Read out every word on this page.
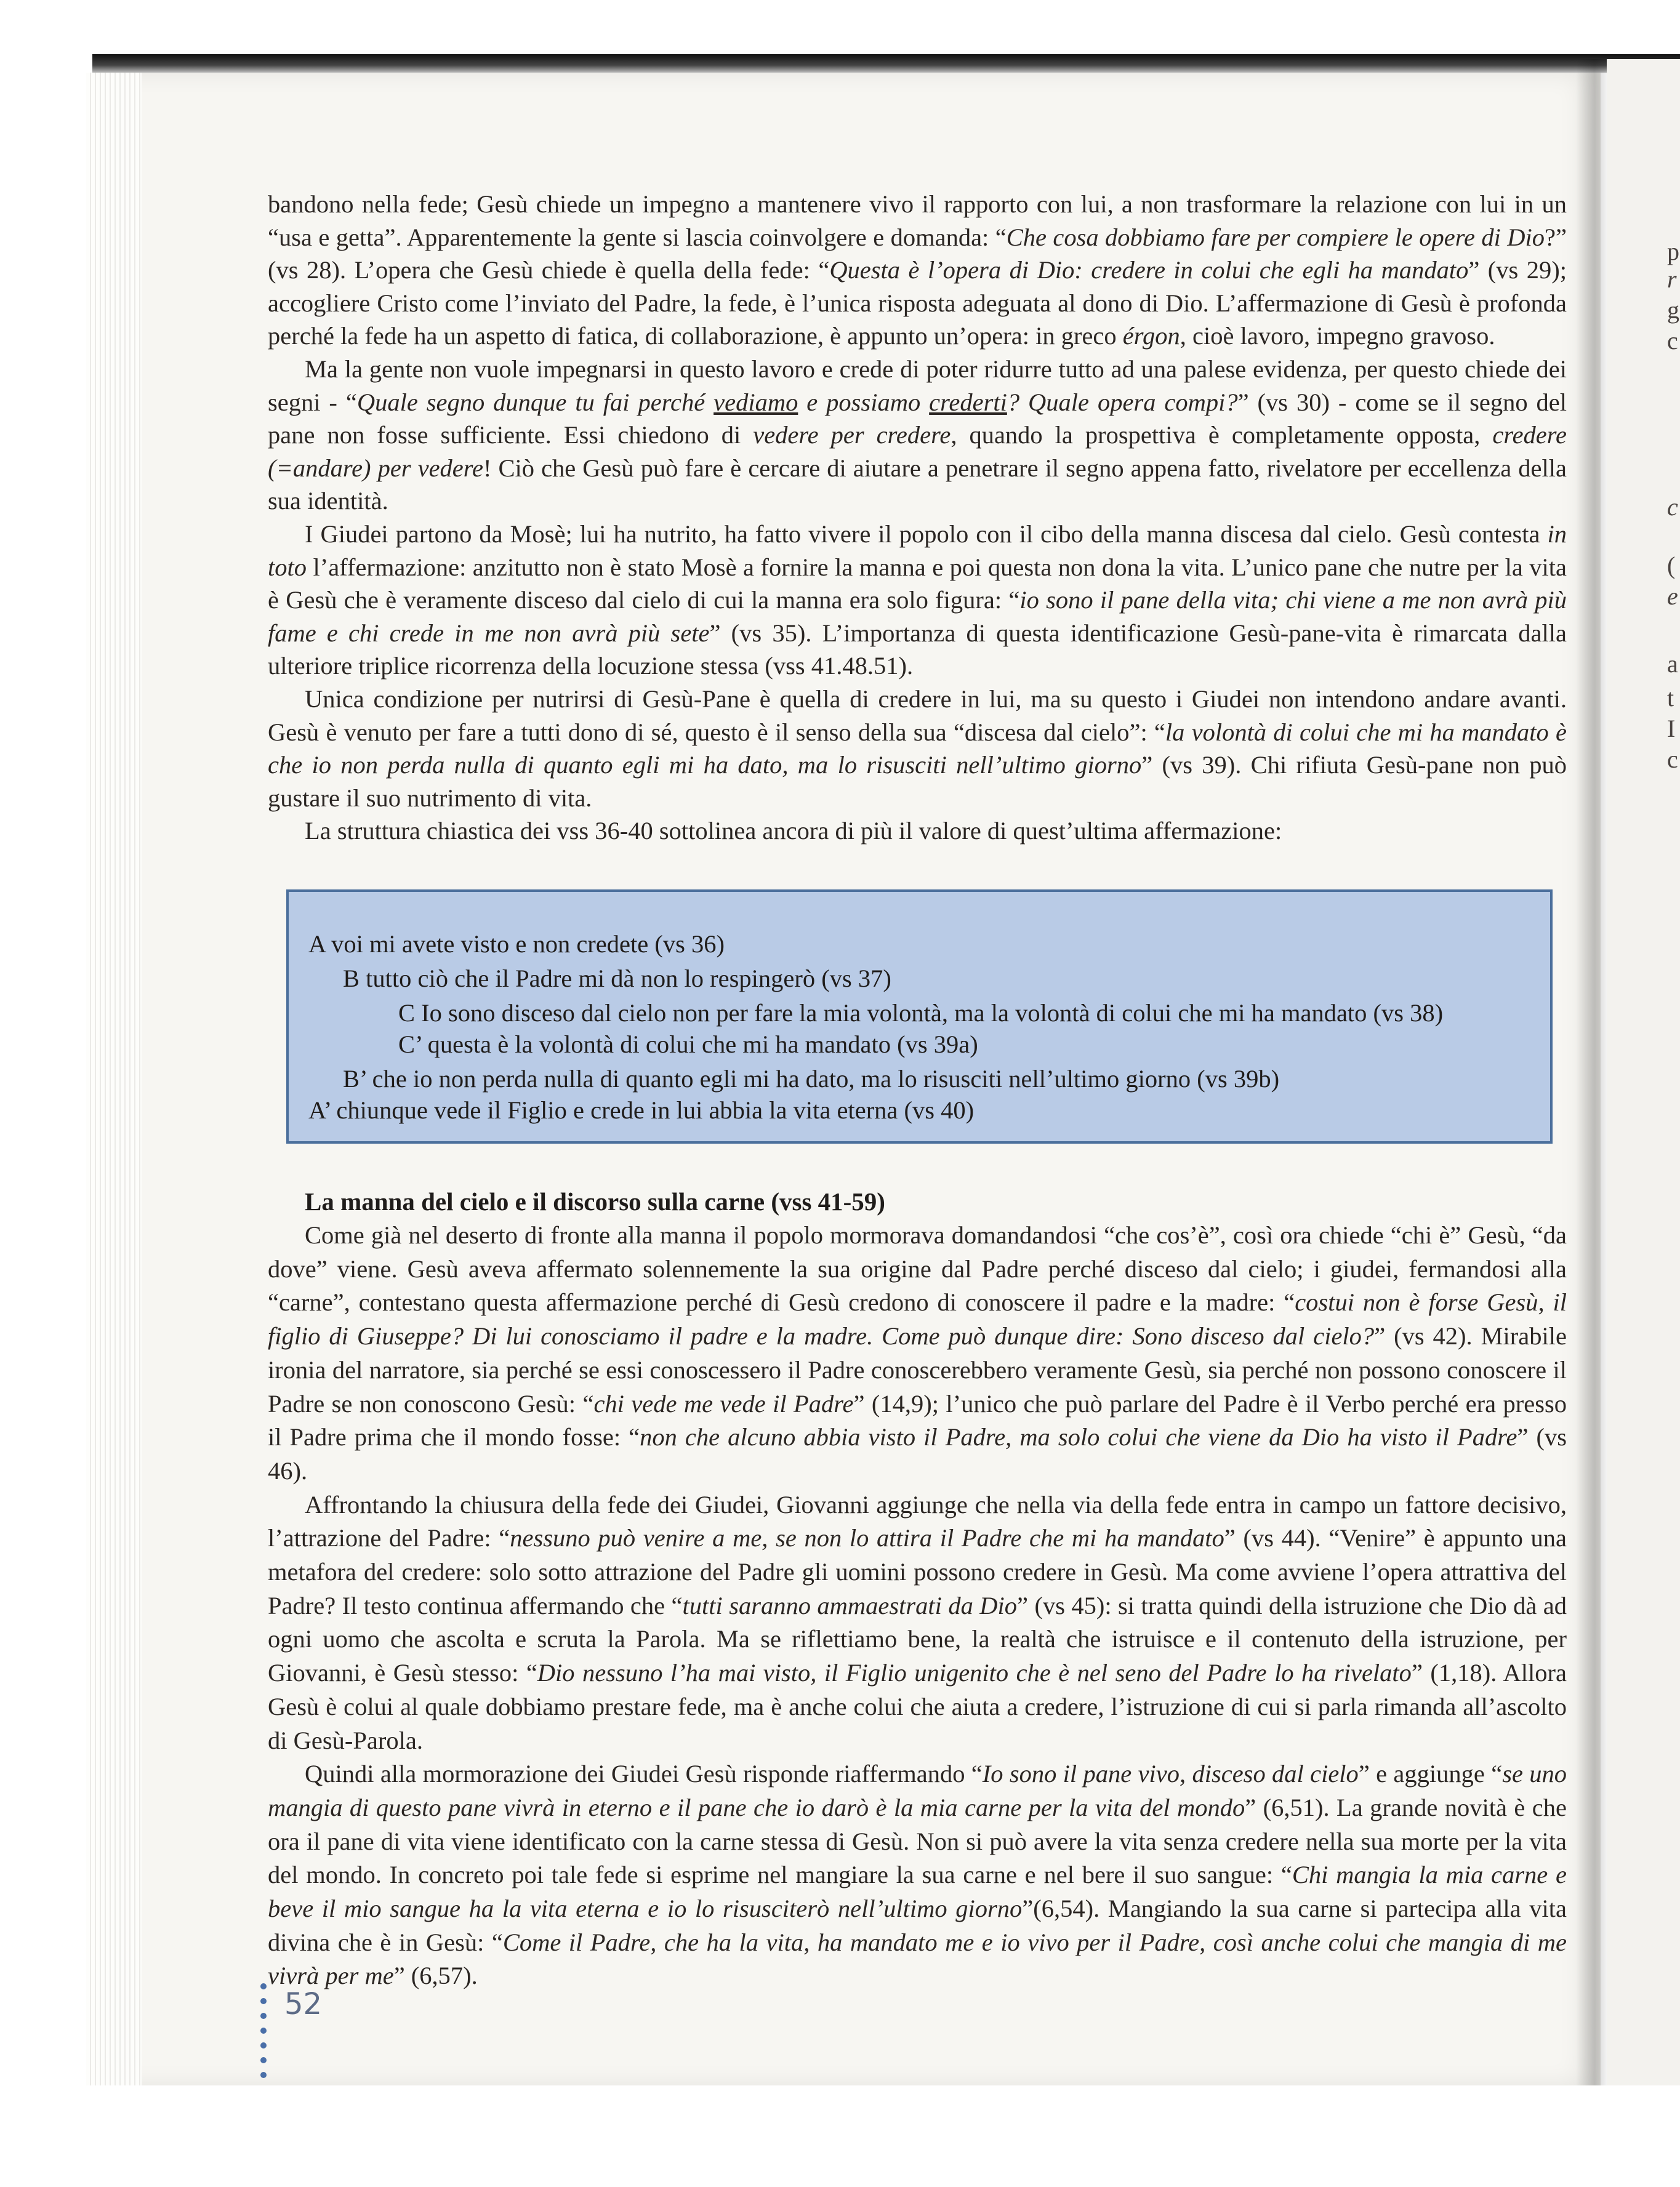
p
r
g
c
c
(
e
a
t
I
c

bandono nella fede; Gesù chiede un impegno a mantenere vivo il rapporto con lui, a non trasformare la relazione con lui in un “usa e getta”. Apparentemente la gente si lascia coinvolgere e domanda: “Che cosa dobbiamo fare per compiere le opere di Dio?” (vs 28). L’opera che Gesù chiede è quella della fede: “Questa è l’opera di Dio: credere in colui che egli ha mandato” (vs 29); accogliere Cristo come l’inviato del Padre, la fede, è l’unica risposta adeguata al dono di Dio. L’affermazione di Gesù è profonda perché la fede ha un aspetto di fatica, di collaborazione, è appunto un’opera: in greco érgon, cioè lavoro, impegno gravoso.

Ma la gente non vuole impegnarsi in questo lavoro e crede di poter ridurre tutto ad una palese evidenza, per questo chiede dei segni - “Quale segno dunque tu fai perché vediamo e possiamo crederti? Quale opera compi?” (vs 30) - come se il segno del pane non fosse sufficiente. Essi chiedono di vedere per credere, quando la prospettiva è completamente opposta, credere (=andare) per vedere! Ciò che Gesù può fare è cercare di aiutare a penetrare il segno appena fatto, rivelatore per eccellenza della sua identità.

I Giudei partono da Mosè; lui ha nutrito, ha fatto vivere il popolo con il cibo della manna discesa dal cielo. Gesù contesta in toto l’affermazione: anzitutto non è stato Mosè a fornire la manna e poi questa non dona la vita. L’unico pane che nutre per la vita è Gesù che è veramente disceso dal cielo di cui la manna era solo figura: “io sono il pane della vita; chi viene a me non avrà più fame e chi crede in me non avrà più sete” (vs 35). L’importanza di questa identificazione Gesù-pane-vita è rimarcata dalla ulteriore triplice ricorrenza della locuzione stessa (vss 41.48.51).

Unica condizione per nutrirsi di Gesù-Pane è quella di credere in lui, ma su questo i Giudei non intendono andare avanti. Gesù è venuto per fare a tutti dono di sé, questo è il senso della sua “discesa dal cielo”: “la volontà di colui che mi ha mandato è che io non perda nulla di quanto egli mi ha dato, ma lo risusciti nell’ultimo giorno” (vs 39). Chi rifiuta Gesù-pane non può gustare il suo nutrimento di vita.

La struttura chiastica dei vss 36-40 sottolinea ancora di più il valore di quest’ultima affermazione:

A voi mi avete visto e non credete (vs 36)
B tutto ciò che il Padre mi dà non lo respingerò (vs 37)
C Io sono disceso dal cielo non per fare la mia volontà, ma la volontà di colui che mi ha mandato (vs 38)
C’ questa è la volontà di colui che mi ha mandato (vs 39a)
B’ che io non perda nulla di quanto egli mi ha dato, ma lo risusciti nell’ultimo giorno (vs 39b)
A’ chiunque vede il Figlio e crede in lui abbia la vita eterna (vs 40)
La manna del cielo e il discorso sulla carne (vss 41-59)

Come già nel deserto di fronte alla manna il popolo mormorava domandandosi “che cos’è”, così ora chiede “chi è” Gesù, “da dove” viene. Gesù aveva affermato solennemente la sua origine dal Padre perché disceso dal cielo; i giudei, fermandosi alla “carne”, contestano questa affermazione perché di Gesù credono di conoscere il padre e la madre: “costui non è forse Gesù, il figlio di Giuseppe? Di lui conosciamo il padre e la madre. Come può dunque dire: Sono disceso dal cielo?” (vs 42). Mirabile ironia del narratore, sia perché se essi conoscessero il Padre conoscerebbero veramente Gesù, sia perché non possono conoscere il Padre se non conoscono Gesù: “chi vede me vede il Padre” (14,9); l’unico che può parlare del Padre è il Verbo perché era presso il Padre prima che il mondo fosse: “non che alcuno abbia visto il Padre, ma solo colui che viene da Dio ha visto il Padre” (vs 46).

Affrontando la chiusura della fede dei Giudei, Giovanni aggiunge che nella via della fede entra in campo un fattore decisivo, l’attrazione del Padre: “nessuno può venire a me, se non lo attira il Padre che mi ha mandato” (vs 44). “Venire” è appunto una metafora del credere: solo sotto attrazione del Padre gli uomini possono credere in Gesù. Ma come avviene l’opera attrattiva del Padre? Il testo continua affermando che “tutti saranno ammaestrati da Dio” (vs 45): si tratta quindi della istruzione che Dio dà ad ogni uomo che ascolta e scruta la Parola. Ma se riflettiamo bene, la realtà che istruisce e il contenuto della istruzione, per Giovanni, è Gesù stesso: “Dio nessuno l’ha mai visto, il Figlio unigenito che è nel seno del Padre lo ha rivelato” (1,18). Allora Gesù è colui al quale dobbiamo prestare fede, ma è anche colui che aiuta a credere, l’istruzione di cui si parla rimanda all’ascolto di Gesù-Parola.

Quindi alla mormorazione dei Giudei Gesù risponde riaffermando “Io sono il pane vivo, disceso dal cielo” e aggiunge “se uno mangia di questo pane vivrà in eterno e il pane che io darò è la mia carne per la vita del mondo” (6,51). La grande novità è che ora il pane di vita viene identificato con la carne stessa di Gesù. Non si può avere la vita senza credere nella sua morte per la vita del mondo. In concreto poi tale fede si esprime nel mangiare la sua carne e nel bere il suo sangue: “Chi mangia la mia carne e beve il mio sangue ha la vita eterna e io lo risusciterò nell’ultimo giorno”(6,54). Mangiando la sua carne si partecipa alla vita divina che è in Gesù: “Come il Padre, che ha la vita, ha mandato me e io vivo per il Padre, così anche colui che mangia di me vivrà per me” (6,57).

52
